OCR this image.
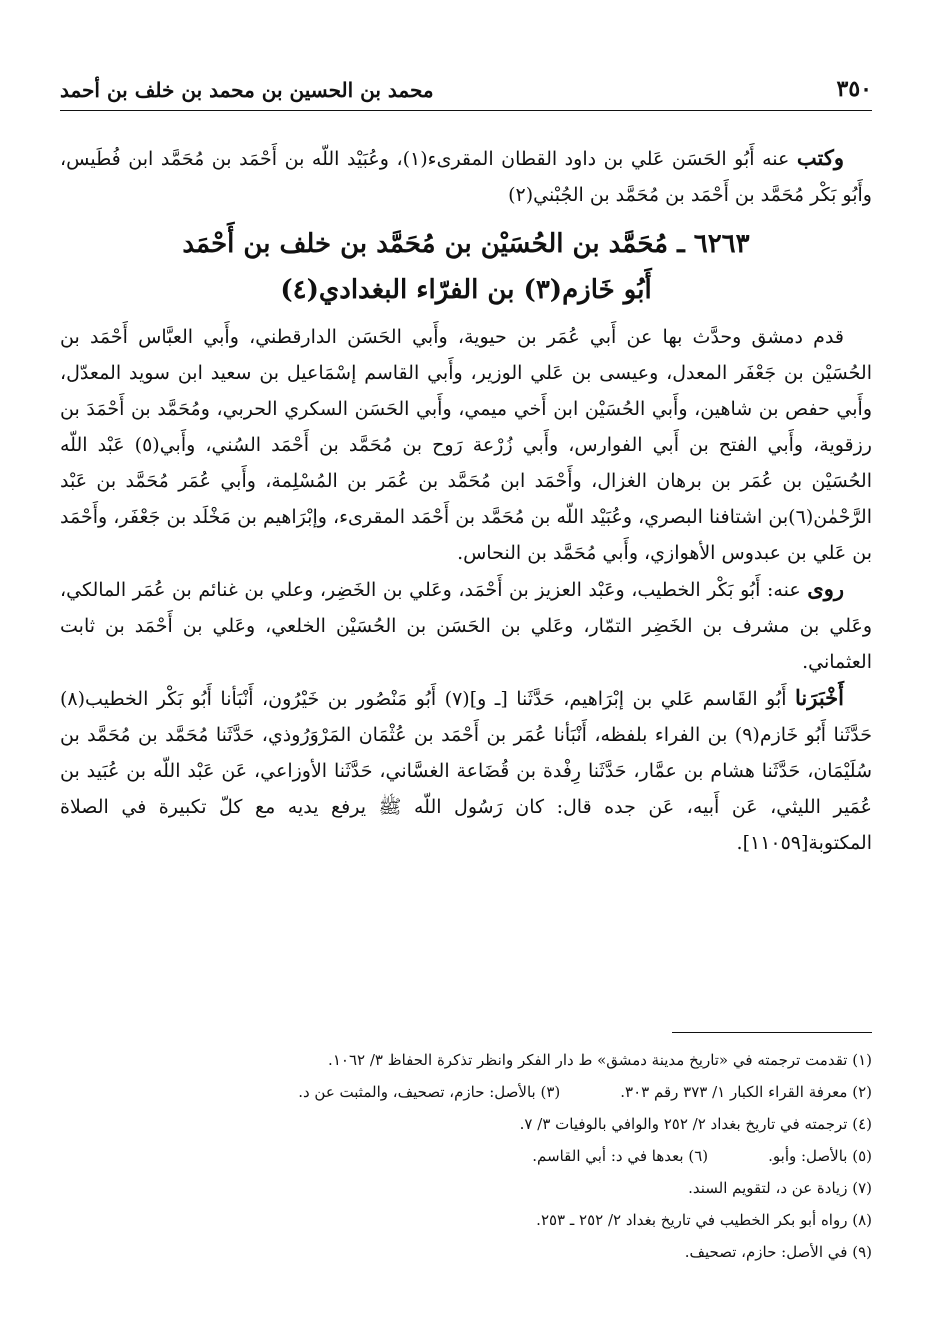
٣٥٠
محمد بن الحسين بن محمد بن خلف بن أحمد

وكتب عنه أَبُو الحَسَن عَلي بن داود القطان المقرىء(١)، وعُبَيْد اللّه بن أَحْمَد بن مُحَمَّد ابن فُطَيس، وأَبُو بَكْر مُحَمَّد بن أَحْمَد بن مُحَمَّد بن الجُبْني(٢)

٦٢٦٣ ـ مُحَمَّد بن الحُسَيْن بن مُحَمَّد بن خلف بن أَحْمَد
أَبُو خَازم(٣) بن الفرّاء البغدادي(٤)

قدم دمشق وحدَّث بها عن أَبي عُمَر بن حيوية، وأَبي الحَسَن الدارقطني، وأَبي العبَّاس أَحْمَد بن الحُسَيْن بن جَعْفَر المعدل، وعيسى بن عَلي الوزير، وأَبي القاسم إسْمَاعيل بن سعيد ابن سويد المعدّل، وأَبي حفص بن شاهين، وأَبي الحُسَيْن ابن أَخي ميمي، وأَبي الحَسَن السكري الحربي، ومُحَمَّد بن أَحْمَدَ بن رزقوية، وأَبي الفتح بن أَبي الفوارس، وأَبي زُرْعة رَوح بن مُحَمَّد بن أَحْمَد السُني، وأَبي(٥) عَبْد اللّه الحُسَيْن بن عُمَر بن برهان الغزال، وأَحْمَد ابن مُحَمَّد بن عُمَر بن المُسْلِمة، وأَبي عُمَر مُحَمَّد بن عَبْد الرَّحْمٰن(٦)بن اشتافنا البصري، وعُبَيْد اللّه بن مُحَمَّد بن أَحْمَد المقرىء، وإبْرَاهيم بن مَخْلَد بن جَعْفَر، وأَحْمَد بن عَلي بن عبدوس الأهوازي، وأَبي مُحَمَّد بن النحاس.

روى عنه: أَبُو بَكْر الخطيب، وعَبْد العزيز بن أَحْمَد، وعَلي بن الخَضِر، وعلي بن غنائم بن عُمَر المالكي، وعَلي بن مشرف بن الخَضِر التمّار، وعَلي بن الحَسَن بن الحُسَيْن الخلعي، وعَلي بن أَحْمَد بن ثابت العثماني.

أَخْبَرَنا أَبُو القَاسم عَلي بن إبْرَاهيم، حَدَّثَنا [ـ و](٧) أَبُو مَنْصُور بن خَيْرُون، أَنْبَأنا أَبُو بَكْر الخطيب(٨) حَدَّثَنا أَبُو خَازم(٩) بن الفراء بلفظه، أَنْبَأنا عُمَر بن أَحْمَد بن عُثْمَان المَرْوَرُوذي، حَدَّثَنا مُحَمَّد بن مُحَمَّد بن سُلَيْمَان، حَدَّثَنا هشام بن عمَّار، حَدَّثَنا رِفْدة بن قُضَاعة الغسَّاني، حَدَّثَنا الأوزاعي، عَن عَبْد اللّه بن عُبَيد بن عُمَير الليثي، عَن أَبيه، عَن جده قال: كان رَسُول اللّه ﷺ يرفع يديه مع كلّ تكبيرة في الصلاة المكتوبة[١١٠٥٩].

(١) تقدمت ترجمته في «تاريخ مدينة دمشق» ط دار الفكر وانظر تذكرة الحفاظ ٣/ ١٠٦٢.
(٢) معرفة القراء الكبار ١/ ٣٧٣ رقم ٣٠٣.
(٣) بالأصل: حازم، تصحيف، والمثبت عن د.
(٤) ترجمته في تاريخ بغداد ٢/ ٢٥٢ والوافي بالوفيات ٣/ ٧.
(٥) بالأصل: وأبو.
(٦) بعدها في د: أبي القاسم.
(٧) زيادة عن د، لتقويم السند.
(٨) رواه أبو بكر الخطيب في تاريخ بغداد ٢/ ٢٥٢ ـ ٢٥٣.
(٩) في الأصل: حازم، تصحيف.
